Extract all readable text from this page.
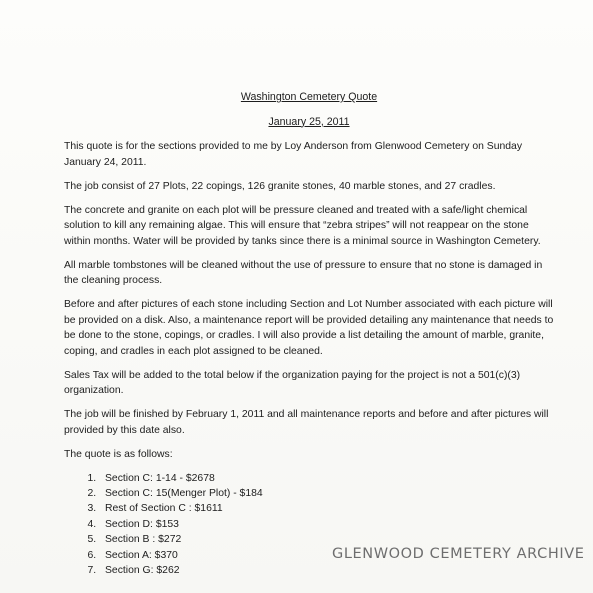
Washington Cemetery Quote
January 25, 2011

This quote is for the sections provided to me by Loy Anderson from Glenwood Cemetery on Sunday January 24, 2011.

The job consist of 27 Plots, 22 copings, 126 granite stones, 40 marble stones, and 27 cradles.

The concrete and granite on each plot will be pressure cleaned and treated with a safe/light chemical solution to kill any remaining algae. This will ensure that “zebra stripes” will not reappear on the stone within months. Water will be provided by tanks since there is a minimal source in Washington Cemetery.

All marble tombstones will be cleaned without the use of pressure to ensure that no stone is damaged in the cleaning process.

Before and after pictures of each stone including Section and Lot Number associated with each picture will be provided on a disk. Also, a maintenance report will be provided detailing any maintenance that needs to be done to the stone, copings, or cradles. I will also provide a list detailing the amount of marble, granite, coping, and cradles in each plot assigned to be cleaned.

Sales Tax will be added to the total below if the organization paying for the project is not a 501(c)(3) organization.

The job will be finished by February 1, 2011 and all maintenance reports and before and after pictures will provided by this date also.

The quote is as follows:

1. Section C: 1-14 - $2678
2. Section C: 15(Menger Plot) - $184
3. Rest of Section C : $1611
4. Section D: $153
5. Section B : $272
6. Section A: $370
7. Section G: $262
GLENWOOD CEMETERY ARCHIVE
